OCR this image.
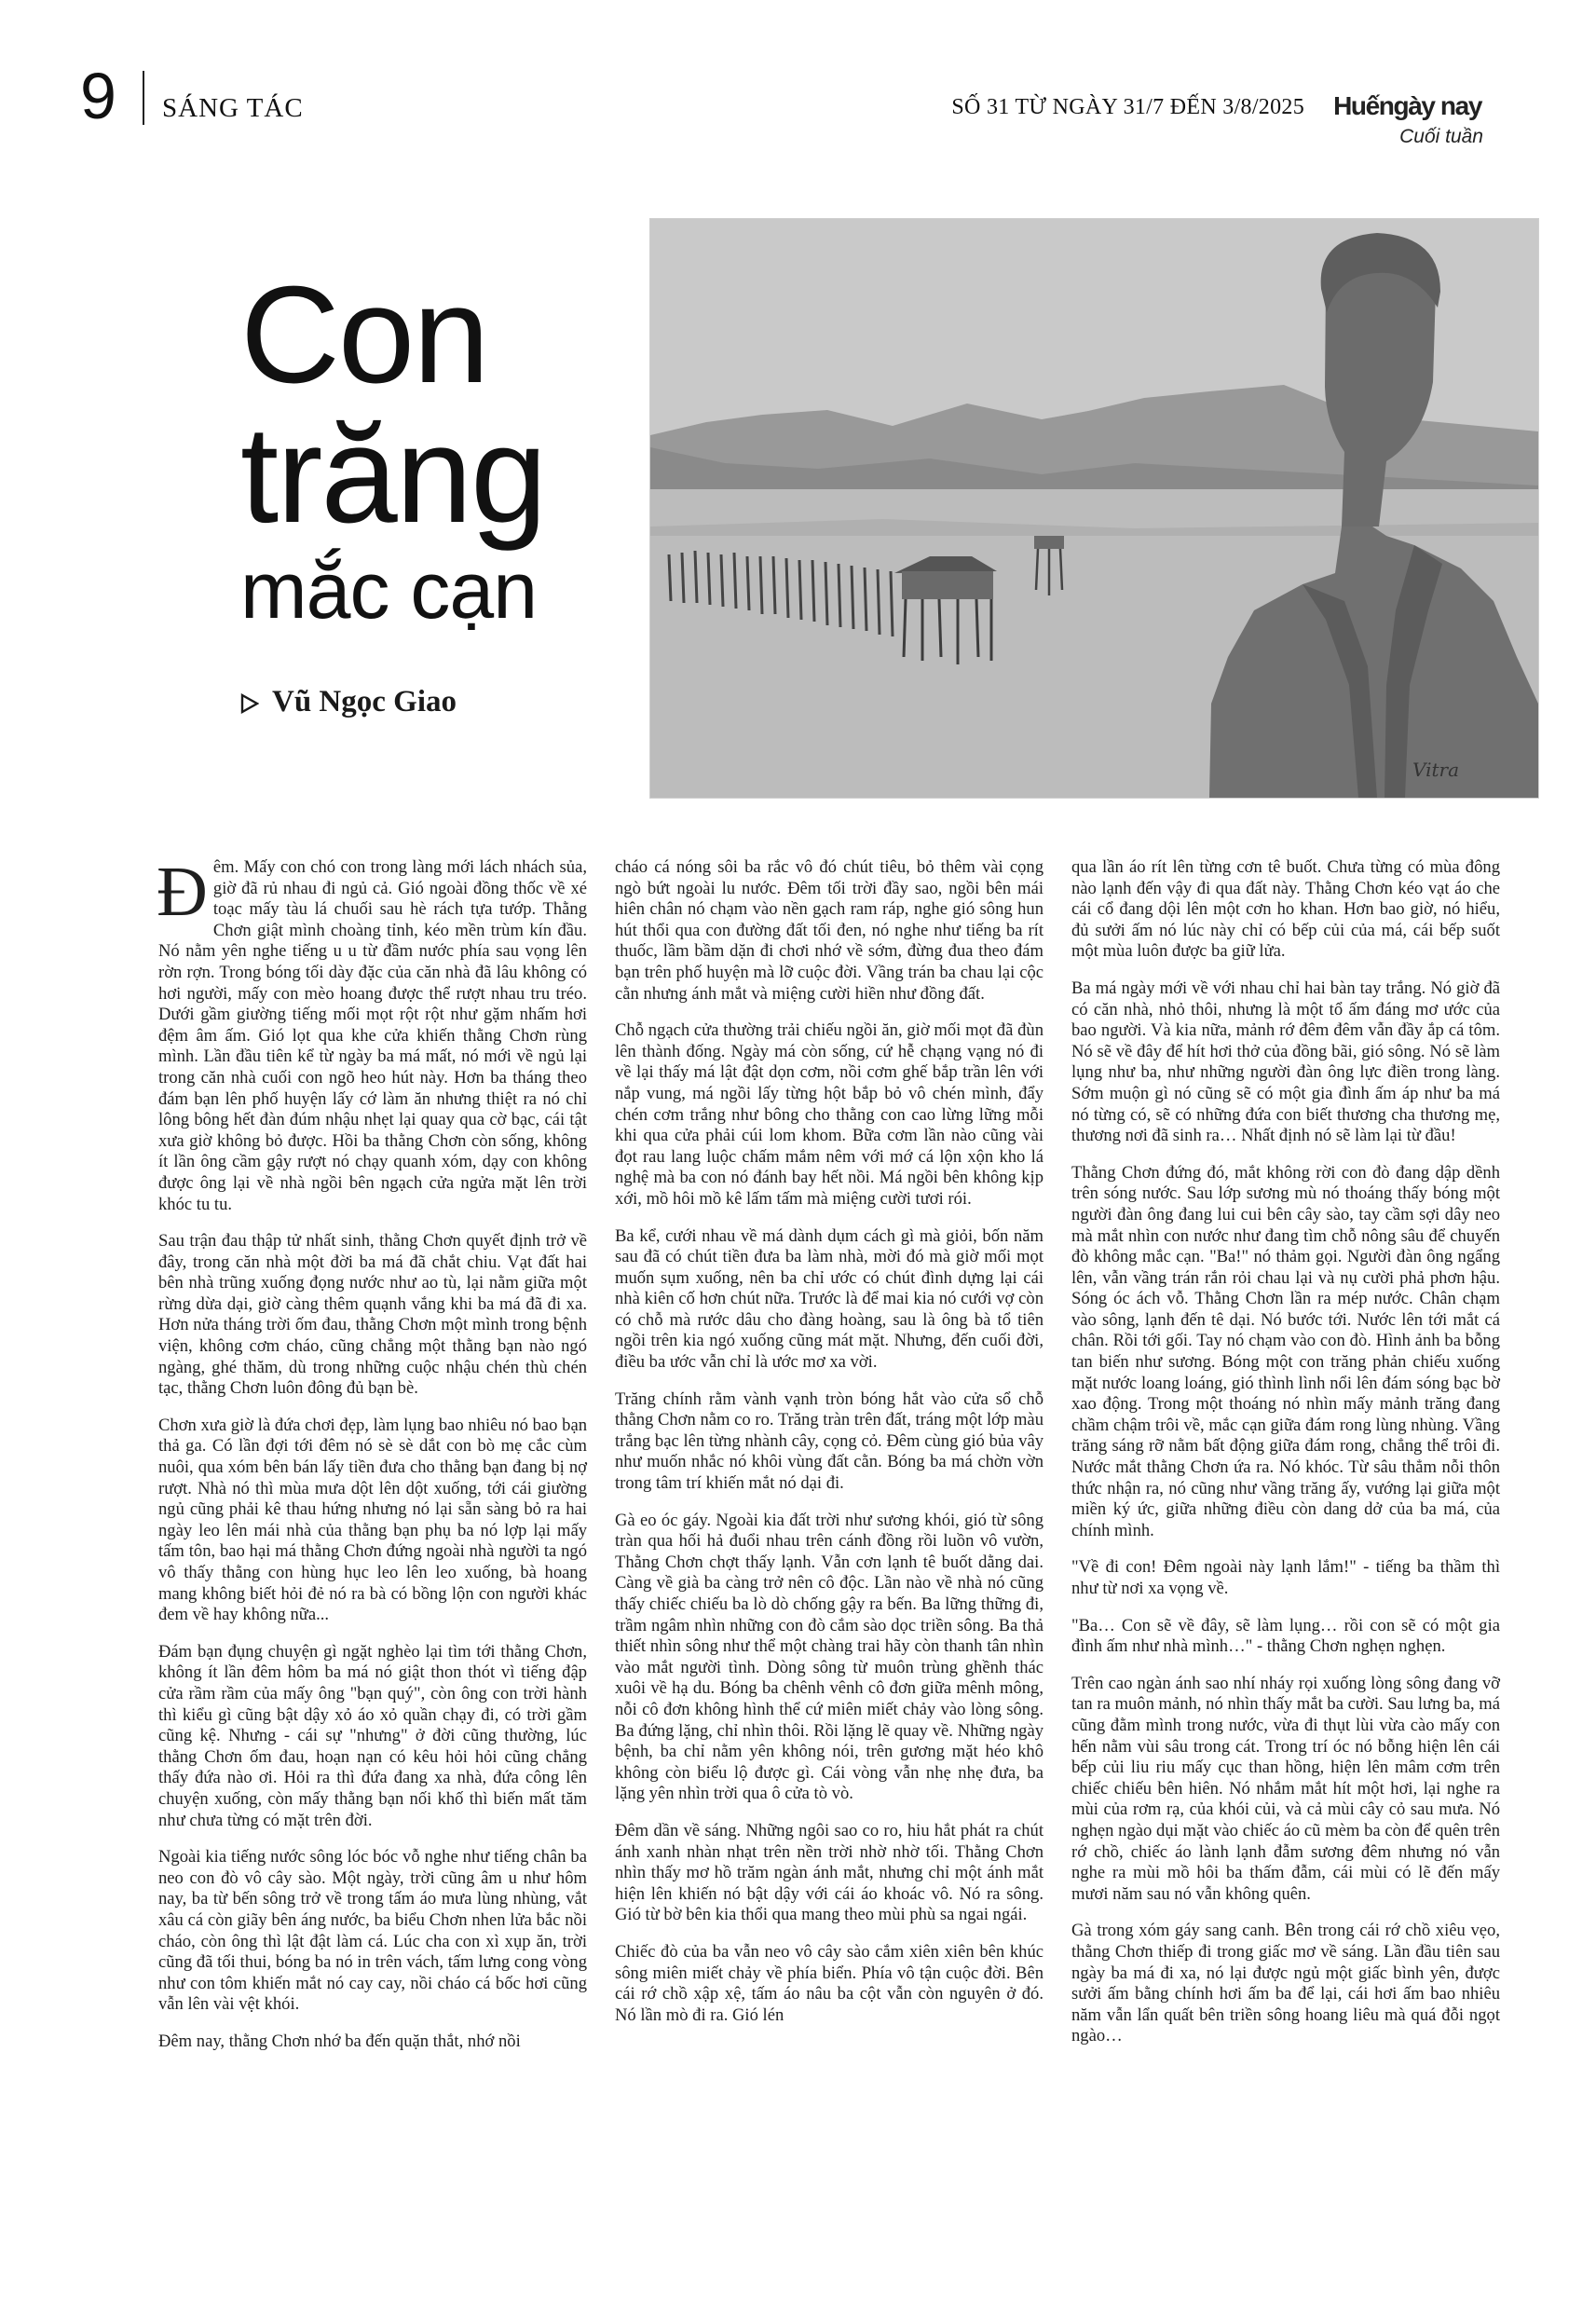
9 SÁNG TÁC	SỐ 31 TỪ NGÀY 31/7 ĐẾN 3/8/2025 Huếngày nay
Cuối tuần
Con
trăng
mắc cạn
Vũ Ngọc Giao
Vitra

Đêm. Mấy con chó con trong làng mới lách nhách sủa, giờ đã rủ nhau đi ngủ cả. Gió ngoài đồng thốc về xé toạc mấy tàu lá chuối sau hè rách tựa tướp. Thằng Chơn giật mình choàng tỉnh, kéo mền trùm kín đầu. Nó nằm yên nghe tiếng u u từ đầm nước phía sau vọng lên rờn rợn. Trong bóng tối dày đặc của căn nhà đã lâu không có hơi người, mấy con mèo hoang được thể rượt nhau tru tréo. Dưới gầm giường tiếng mối mọt rột rột như gặm nhấm hơi đệm âm ấm. Gió lọt qua khe cửa khiến thằng Chơn rùng mình. Lần đầu tiên kể từ ngày ba má mất, nó mới về ngủ lại trong căn nhà cuối con ngõ heo hút này. Hơn ba tháng theo đám bạn lên phố huyện lấy cớ làm ăn nhưng thiệt ra nó chỉ lông bông hết đàn đúm nhậu nhẹt lại quay qua cờ bạc, cái tật xưa giờ không bỏ được. Hồi ba thằng Chơn còn sống, không ít lần ông cầm gậy rượt nó chạy quanh xóm, dạy con không được ông lại về nhà ngồi bên ngạch cửa ngửa mặt lên trời khóc tu tu.

Sau trận đau thập tử nhất sinh, thằng Chơn quyết định trở về đây, trong căn nhà một đời ba má đã chắt chiu. Vạt đất hai bên nhà trũng xuống đọng nước như ao tù, lại nằm giữa một rừng dừa dại, giờ càng thêm quạnh vắng khi ba má đã đi xa. Hơn nửa tháng trời ốm đau, thằng Chơn một mình trong bệnh viện, không cơm cháo, cũng chẳng một thằng bạn nào ngó ngàng, ghé thăm, dù trong những cuộc nhậu chén thù chén tạc, thằng Chơn luôn đông đủ bạn bè.

Chơn xưa giờ là đứa chơi đẹp, làm lụng bao nhiêu nó bao bạn thả ga. Có lần đợi tới đêm nó sè sè dắt con bò mẹ cắc cùm nuôi, qua xóm bên bán lấy tiền đưa cho thằng bạn đang bị nợ rượt. Nhà nó thì mùa mưa dột lên dột xuống, tới cái giường ngủ cũng phải kê thau hứng nhưng nó lại sẵn sàng bỏ ra hai ngày leo lên mái nhà của thằng bạn phụ ba nó lợp lại mấy tấm tôn, bao hại má thằng Chơn đứng ngoài nhà người ta ngó vô thấy thằng con hùng hục leo lên leo xuống, bà hoang mang không biết hỏi đẻ nó ra bà có bồng lộn con người khác đem về hay không nữa...

Đám bạn đụng chuyện gì ngặt nghèo lại tìm tới thằng Chơn, không ít lần đêm hôm ba má nó giật thon thót vì tiếng đập cửa rầm rầm của mấy ông "bạn quý", còn ông con trời hành thì kiểu gì cũng bật dậy xỏ áo xỏ quần chạy đi, có trời gầm cũng kệ. Nhưng - cái sự "nhưng" ở đời cũng thường, lúc thằng Chơn ốm đau, hoạn nạn có kêu hỏi hỏi cũng chẳng thấy đứa nào ơi. Hỏi ra thì đứa đang xa nhà, đứa công lên chuyện xuống, còn mấy thằng bạn nối khố thì biến mất tăm như chưa từng có mặt trên đời.

Ngoài kia tiếng nước sông lóc bóc vỗ nghe như tiếng chân ba neo con đò vô cây sào. Một ngày, trời cũng âm u như hôm nay, ba từ bến sông trở về trong tấm áo mưa lùng nhùng, vắt xâu cá còn giãy bên áng nước, ba biểu Chơn nhen lửa bắc nồi cháo, còn ông thì lật đật làm cá. Lúc cha con xì xụp ăn, trời cũng đã tối thui, bóng ba nó in trên vách, tấm lưng cong vòng như con tôm khiến mắt nó cay cay, nồi cháo cá bốc hơi cũng vẫn lên vài vệt khói.

Đêm nay, thằng Chơn nhớ ba đến quặn thắt, nhớ nồi

cháo cá nóng sôi ba rắc vô đó chút tiêu, bỏ thêm vài cọng ngò bứt ngoài lu nước. Đêm tối trời đầy sao, ngồi bên mái hiên chân nó chạm vào nền gạch ram ráp, nghe gió sông hun hút thổi qua con đường đất tối đen, nó nghe như tiếng ba rít thuốc, lầm bầm dặn đi chơi nhớ về sớm, đừng đua theo đám bạn trên phố huyện mà lỡ cuộc đời. Vầng trán ba chau lại cộc cằn nhưng ánh mắt và miệng cười hiền như đồng đất.

Chỗ ngạch cửa thường trải chiếu ngồi ăn, giờ mối mọt đã đùn lên thành đống. Ngày má còn sống, cứ hễ chạng vạng nó đi về lại thấy má lật đật dọn cơm, nồi cơm ghế bắp trần lên với nắp vung, má ngồi lấy từng hột bắp bỏ vô chén mình, đẩy chén cơm trắng như bông cho thằng con cao lừng lững mỗi khi qua cửa phải cúi lom khom. Bữa cơm lần nào cũng vài đọt rau lang luộc chấm mắm nêm với mớ cá lộn xộn kho lá nghệ mà ba con nó đánh bay hết nồi. Má ngồi bên không kịp xới, mồ hôi mồ kê lấm tấm mà miệng cười tươi rói.

Ba kể, cưới nhau về má dành dụm cách gì mà giỏi, bốn năm sau đã có chút tiền đưa ba làm nhà, mời đó mà giờ mối mọt muốn sụm xuống, nên ba chỉ ước có chút đình dựng lại cái nhà kiên cố hơn chút nữa. Trước là để mai kia nó cưới vợ còn có chỗ mà rước dâu cho đàng hoàng, sau là ông bà tổ tiên ngồi trên kia ngó xuống cũng mát mặt. Nhưng, đến cuối đời, điều ba ước vẫn chỉ là ước mơ xa vời.

Trăng chính rằm vành vạnh tròn bóng hắt vào cửa sổ chỗ thằng Chơn nằm co ro. Trăng tràn trên đất, tráng một lớp màu trắng bạc lên từng nhành cây, cọng cỏ. Đêm cùng gió bủa vây như muốn nhắc nó khôi vùng đất cằn. Bóng ba má chờn vờn trong tâm trí khiến mắt nó dại đi.

Gà eo óc gáy. Ngoài kia đất trời như sương khói, gió từ sông tràn qua hối hả đuổi nhau trên cánh đồng rồi luồn vô vườn, Thằng Chơn chợt thấy lạnh. Vẫn cơn lạnh tê buốt dằng dai. Càng về già ba càng trở nên cô độc. Lần nào về nhà nó cũng thấy chiếc chiếu ba lò dò chống gậy ra bến. Ba lững thững đi, trầm ngâm nhìn những con đò cắm sào dọc triền sông. Ba thả thiết nhìn sông như thể một chàng trai hãy còn thanh tân nhìn vào mắt người tình. Dòng sông từ muôn trùng ghềnh thác xuôi về hạ du. Bóng ba chênh vênh cô đơn giữa mênh mông, nỗi cô đơn không hình thể cứ miên miết chảy vào lòng sông. Ba đứng lặng, chỉ nhìn thôi. Rồi lặng lẽ quay về. Những ngày bệnh, ba chỉ nằm yên không nói, trên gương mặt héo khô không còn biểu lộ được gì. Cái vòng vẫn nhẹ nhẹ đưa, ba lặng yên nhìn trời qua ô cửa tò vò.

Đêm dần về sáng. Những ngôi sao co ro, hiu hắt phát ra chút ánh xanh nhàn nhạt trên nền trời nhờ nhờ tối. Thằng Chơn nhìn thấy mơ hồ trăm ngàn ánh mắt, nhưng chỉ một ánh mắt hiện lên khiến nó bật dậy với cái áo khoác vô. Nó ra sông. Gió từ bờ bên kia thổi qua mang theo mùi phù sa ngai ngái.

Chiếc đò của ba vẫn neo vô cây sào cắm xiên xiên bên khúc sông miên miết chảy về phía biển. Phía vô tận cuộc đời. Bên cái rớ chồ xập xệ, tấm áo nâu ba cột vẫn còn nguyên ở đó. Nó lần mò đi ra. Gió lén

qua lần áo rít lên từng cơn tê buốt. Chưa từng có mùa đông nào lạnh đến vậy đi qua đất này. Thằng Chơn kéo vạt áo che cái cổ đang dội lên một cơn ho khan. Hơn bao giờ, nó hiểu, đủ sưởi ấm nó lúc này chỉ có bếp củi của má, cái bếp suốt một mùa luôn được ba giữ lửa.

Ba má ngày mới về với nhau chỉ hai bàn tay trắng. Nó giờ đã có căn nhà, nhỏ thôi, nhưng là một tổ ấm đáng mơ ước của bao người. Và kia nữa, mảnh rớ đêm đêm vẫn đầy ắp cá tôm. Nó sẽ về đây để hít hơi thở của đồng bãi, gió sông. Nó sẽ làm lụng như ba, như những người đàn ông lực điền trong làng. Sớm muộn gì nó cũng sẽ có một gia đình ấm áp như ba má nó từng có, sẽ có những đứa con biết thương cha thương mẹ, thương nơi đã sinh ra… Nhất định nó sẽ làm lại từ đầu!

Thằng Chơn đứng đó, mắt không rời con đò đang dập dềnh trên sóng nước. Sau lớp sương mù nó thoáng thấy bóng một người đàn ông đang lui cui bên cây sào, tay cầm sợi dây neo mà mắt nhìn con nước như đang tìm chỗ nông sâu để chuyến đò không mắc cạn. "Ba!" nó thảm gọi. Người đàn ông ngẩng lên, vẫn vầng trán rắn rỏi chau lại và nụ cười phả phơn hậu. Sóng óc ách vỗ. Thằng Chơn lần ra mép nước. Chân chạm vào sông, lạnh đến tê dại. Nó bước tới. Nước lên tới mắt cá chân. Rồi tới gối. Tay nó chạm vào con đò. Hình ảnh ba bỗng tan biến như sương. Bóng một con trăng phản chiếu xuống mặt nước loang loáng, gió thình lình nổi lên đám sóng bạc bờ xao động. Trong một thoáng nó nhìn mấy mảnh trăng đang chầm chậm trôi về, mắc cạn giữa đám rong lùng nhùng. Vầng trăng sáng rỡ nằm bất động giữa đám rong, chẳng thể trôi đi. Nước mắt thằng Chơn ứa ra. Nó khóc. Từ sâu thẳm nỗi thôn thức nhận ra, nó cũng như vầng trăng ấy, vướng lại giữa một miền ký ức, giữa những điều còn dang dở của ba má, của chính mình.

"Về đi con! Đêm ngoài này lạnh lắm!" - tiếng ba thầm thì như từ nơi xa vọng về.

"Ba… Con sẽ về đây, sẽ làm lụng… rồi con sẽ có một gia đình ấm như nhà mình…" - thằng Chơn nghẹn nghẹn.

Trên cao ngàn ánh sao nhí nháy rọi xuống lòng sông đang vỡ tan ra muôn mảnh, nó nhìn thấy mắt ba cười. Sau lưng ba, má cũng đằm mình trong nước, vừa đi thụt lùi vừa cào mấy con hến nằm vùi sâu trong cát. Trong trí óc nó bỗng hiện lên cái bếp củi liu riu mấy cục than hồng, hiện lên mâm cơm trên chiếc chiếu bên hiên. Nó nhắm mắt hít một hơi, lại nghe ra mùi của rơm rạ, của khói củi, và cả mùi cây cỏ sau mưa. Nó nghẹn ngào dụi mặt vào chiếc áo cũ mèm ba còn để quên trên rớ chồ, chiếc áo lành lạnh đẫm sương đêm nhưng nó vẫn nghe ra mùi mồ hôi ba thấm đẫm, cái mùi có lẽ đến mấy mươi năm sau nó vẫn không quên.

Gà trong xóm gáy sang canh. Bên trong cái rớ chồ xiêu vẹo, thằng Chơn thiếp đi trong giấc mơ về sáng. Lần đầu tiên sau ngày ba má đi xa, nó lại được ngủ một giấc bình yên, được sưởi ấm bằng chính hơi ấm ba để lại, cái hơi ấm bao nhiêu năm vẫn lẩn quất bên triền sông hoang liêu mà quá đỗi ngọt ngào…
